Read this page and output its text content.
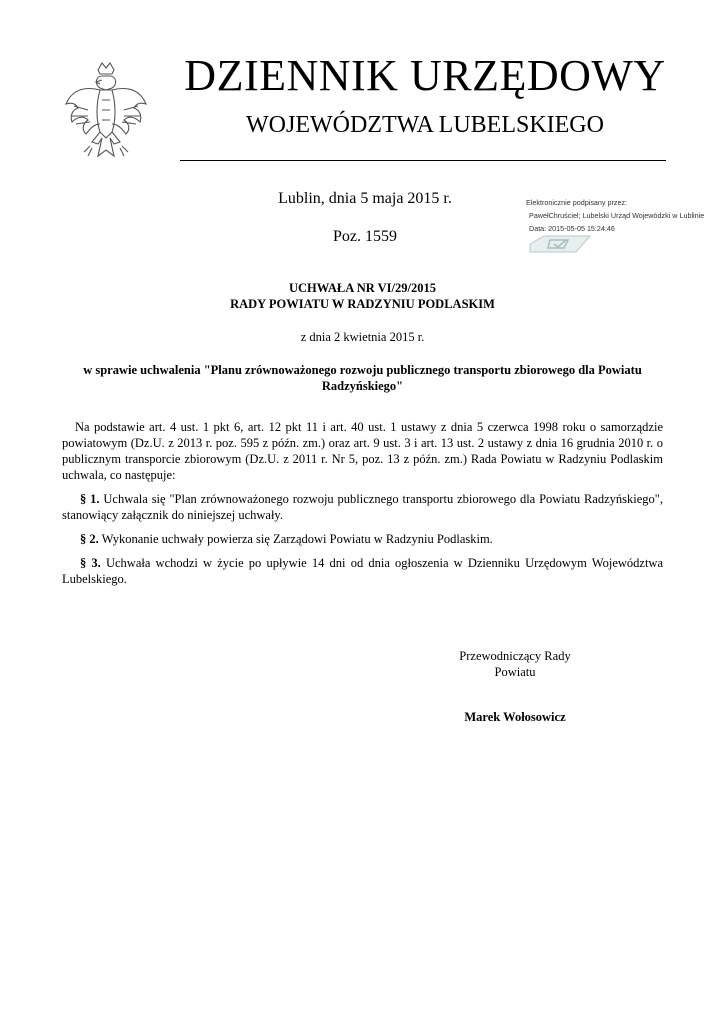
DZIENNIK URZĘDOWY
WOJEWÓDZTWA LUBELSKIEGO
Lublin, dnia 5 maja 2015 r.
Poz. 1559
Elektronicznie podpisany przez:
PawełChruściel; Lubelski Urząd Wojewódzki w Lublinie
Data: 2015-05-05 15:24:46
UCHWAŁA NR VI/29/2015
RADY POWIATU W RADZYNIU PODLASKIM
z dnia 2 kwietnia 2015 r.
w sprawie uchwalenia "Planu zrównoważonego rozwoju publicznego transportu zbiorowego dla Powiatu Radzyńskiego"

Na podstawie art. 4 ust. 1 pkt 6, art. 12 pkt 11 i art. 40 ust. 1 ustawy z dnia 5 czerwca 1998 roku o samorządzie powiatowym (Dz.U. z 2013 r. poz. 595 z późn. zm.) oraz art. 9 ust. 3 i art. 13 ust. 2 ustawy z dnia 16 grudnia 2010 r. o publicznym transporcie zbiorowym (Dz.U. z 2011 r. Nr 5, poz. 13 z późn. zm.) Rada Powiatu w Radzyniu Podlaskim uchwala, co następuje:

§ 1. Uchwala się "Plan zrównoważonego rozwoju publicznego transportu zbiorowego dla Powiatu Radzyńskiego", stanowiący załącznik do niniejszej uchwały.

§ 2. Wykonanie uchwały powierza się Zarządowi Powiatu w Radzyniu Podlaskim.

§ 3. Uchwała wchodzi w życie po upływie 14 dni od dnia ogłoszenia w Dzienniku Urzędowym Województwa Lubelskiego.

Przewodniczący Rady
Powiatu
Marek Wołosowicz
